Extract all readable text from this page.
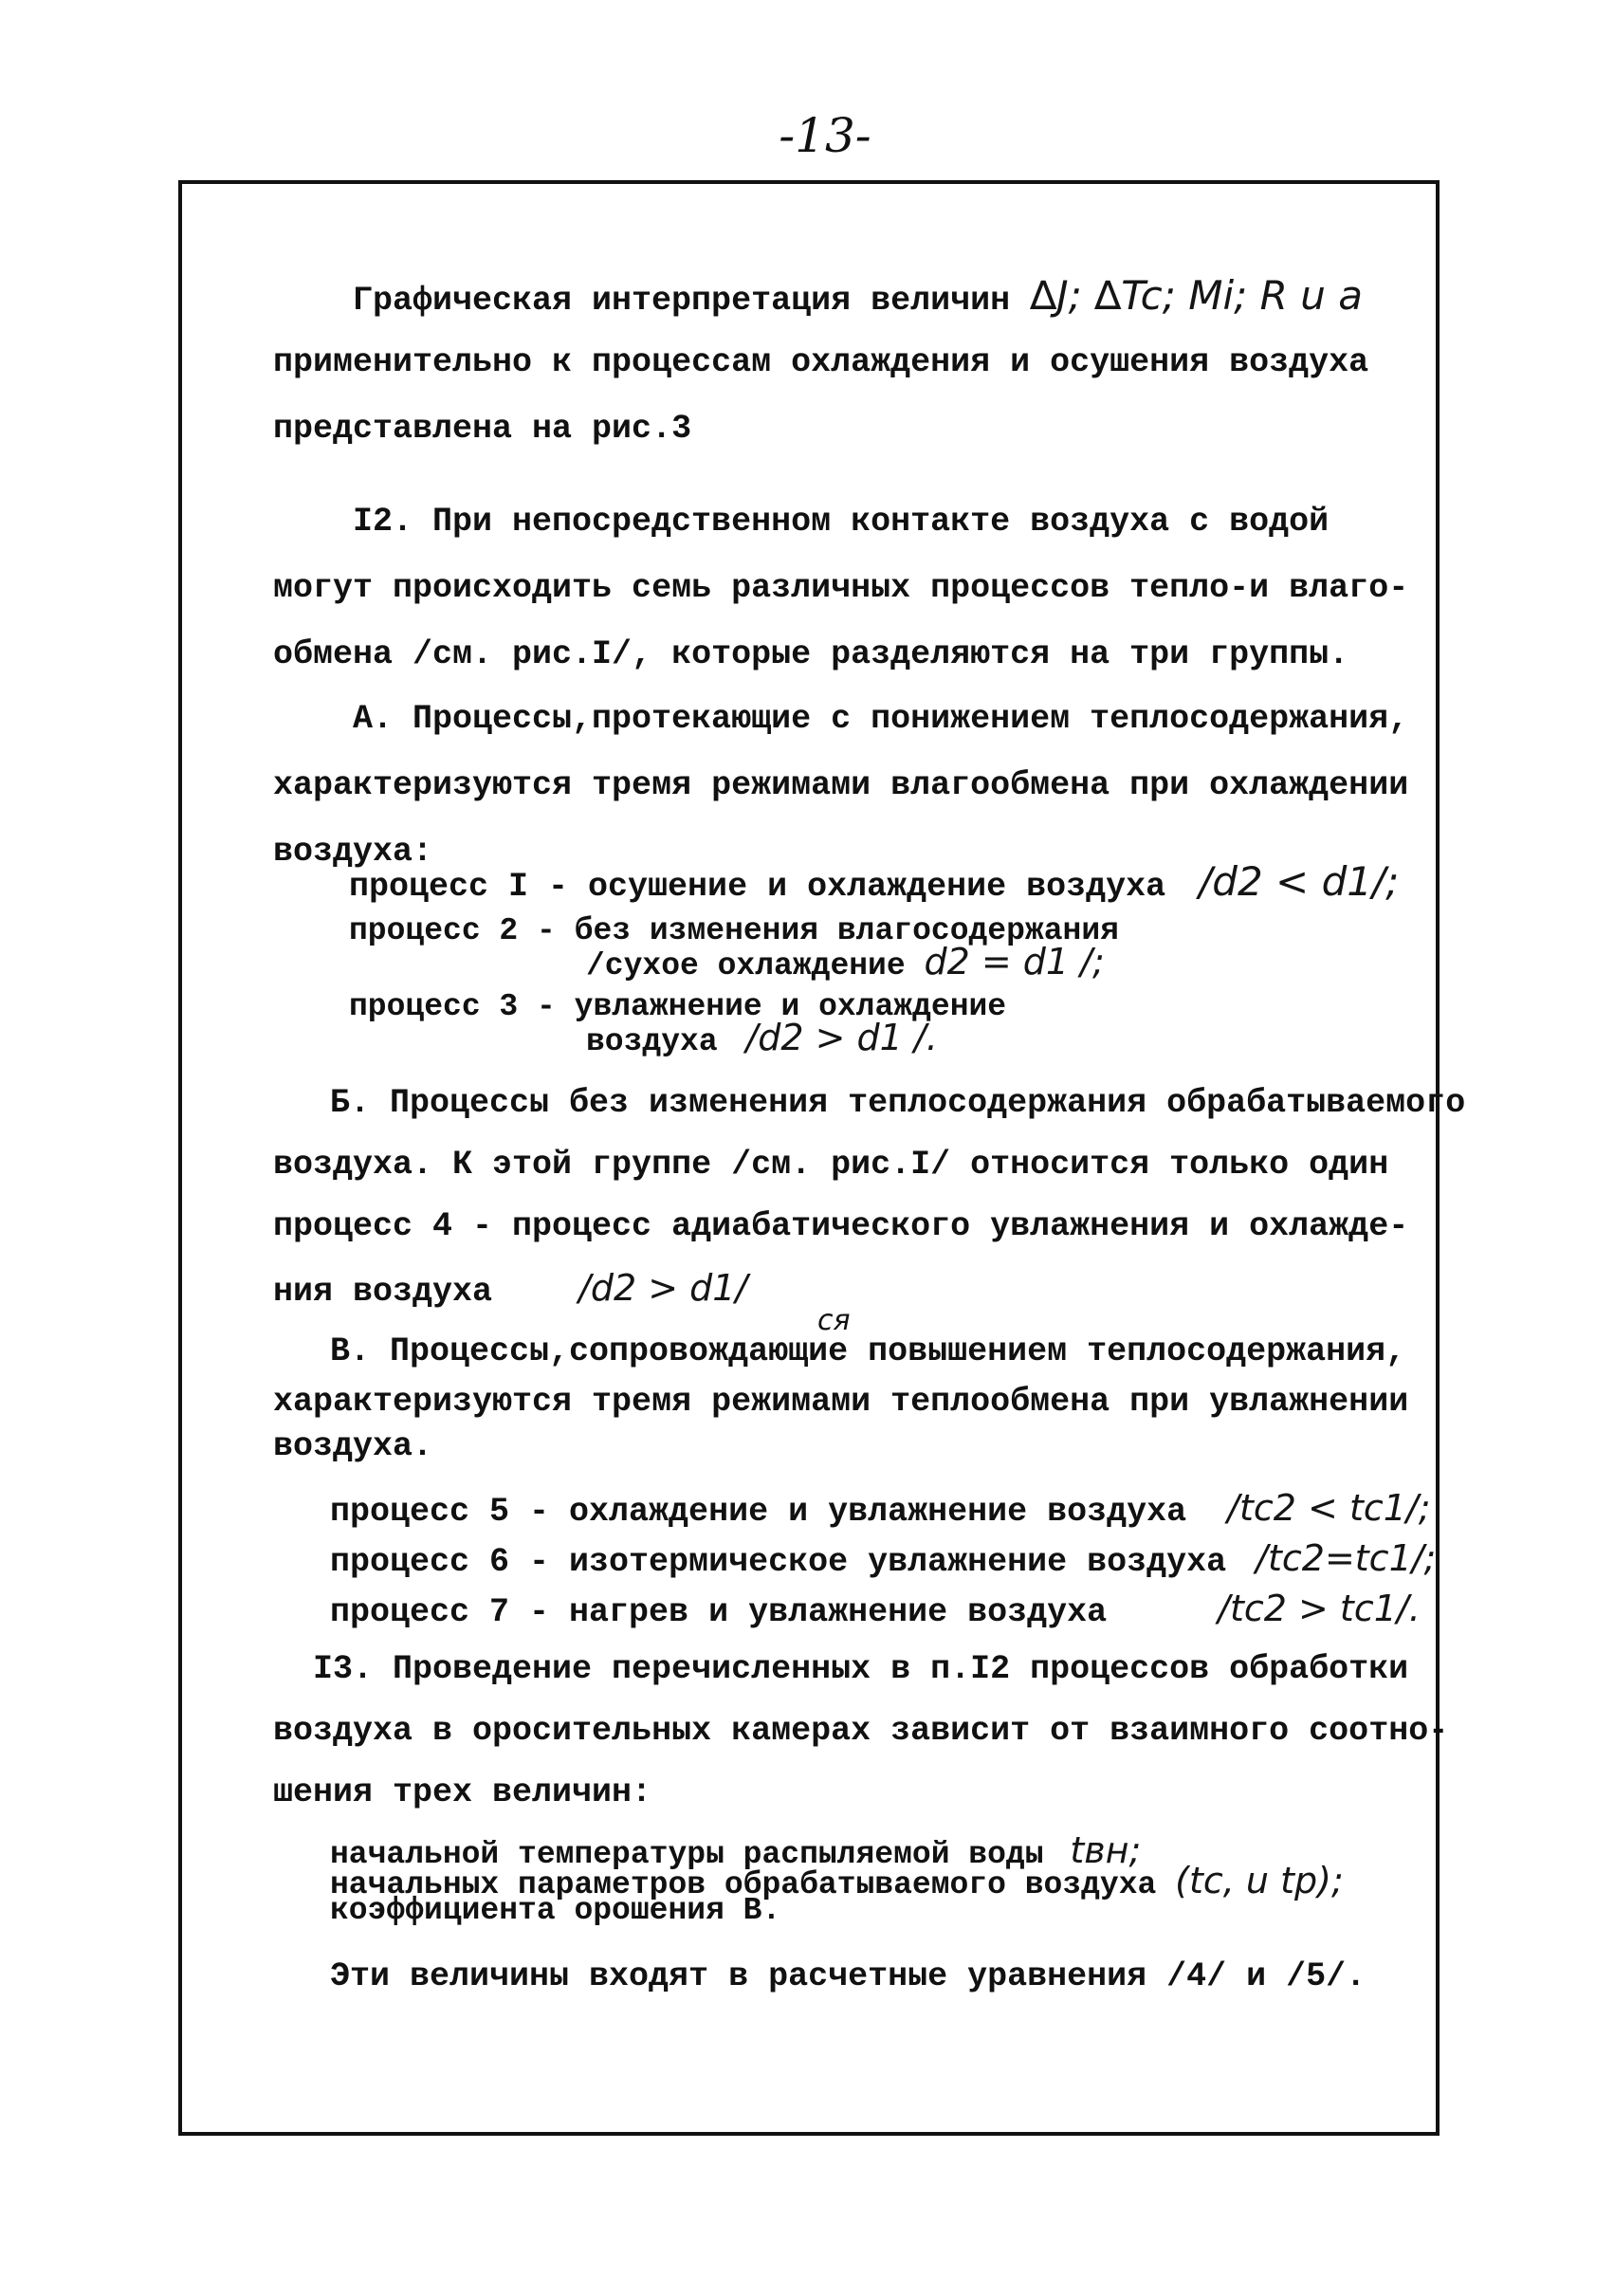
-13-
Графическая интерпретация величин ∆J; ∆Tc; Mi; R u a
применительно к процессам охлаждения и осушения воздуха
представлена на рис.3
I2. При непосредственном контакте воздуха с водой
могут происходить семь различных процессов тепло-и влаго-
обмена /см. рис.I/, которые разделяются на три группы.
А. Процессы,протекающие с понижением теплосодержания,
характеризуются тремя режимами влагообмена при охлаждении
воздуха:
процесс I - осушение и охлаждение воздуха /d2 < d1/;
процесс 2 - без изменения влагосодержания
/сухое охлаждение d2 = d1 /;
процесс 3 - увлажнение и охлаждение
воздуха /d2 > d1 /.
Б. Процессы без изменения теплосодержания обрабатываемого
воздуха. К этой группе /см. рис.I/ относится только один
процесс 4 - процесс адиабатического увлажнения и охлажде-
ния воздуха /d2 > d1/
ся
В. Процессы,сопровождающие повышением теплосодержания,
характеризуются тремя режимами теплообмена при увлажнении
воздуха.
процесс 5 - охлаждение и увлажнение воздуха /tc2 < tc1/;
процесс 6 - изотермическое увлажнение воздуха /tc2=tc1/;
процесс 7 - нагрев и увлажнение воздуха	/tc2 > tc1/.
I3. Проведение перечисленных в п.I2 процессов обработки
воздуха в оросительных камерах зависит от взаимного соотно-
шения трех величин:
начальной температуры распыляемой воды tвн;
начальных параметров обрабатываемого воздуха (tc, u tp);
коэффициента орошения В.
Эти величины входят в расчетные уравнения /4/ и /5/.
